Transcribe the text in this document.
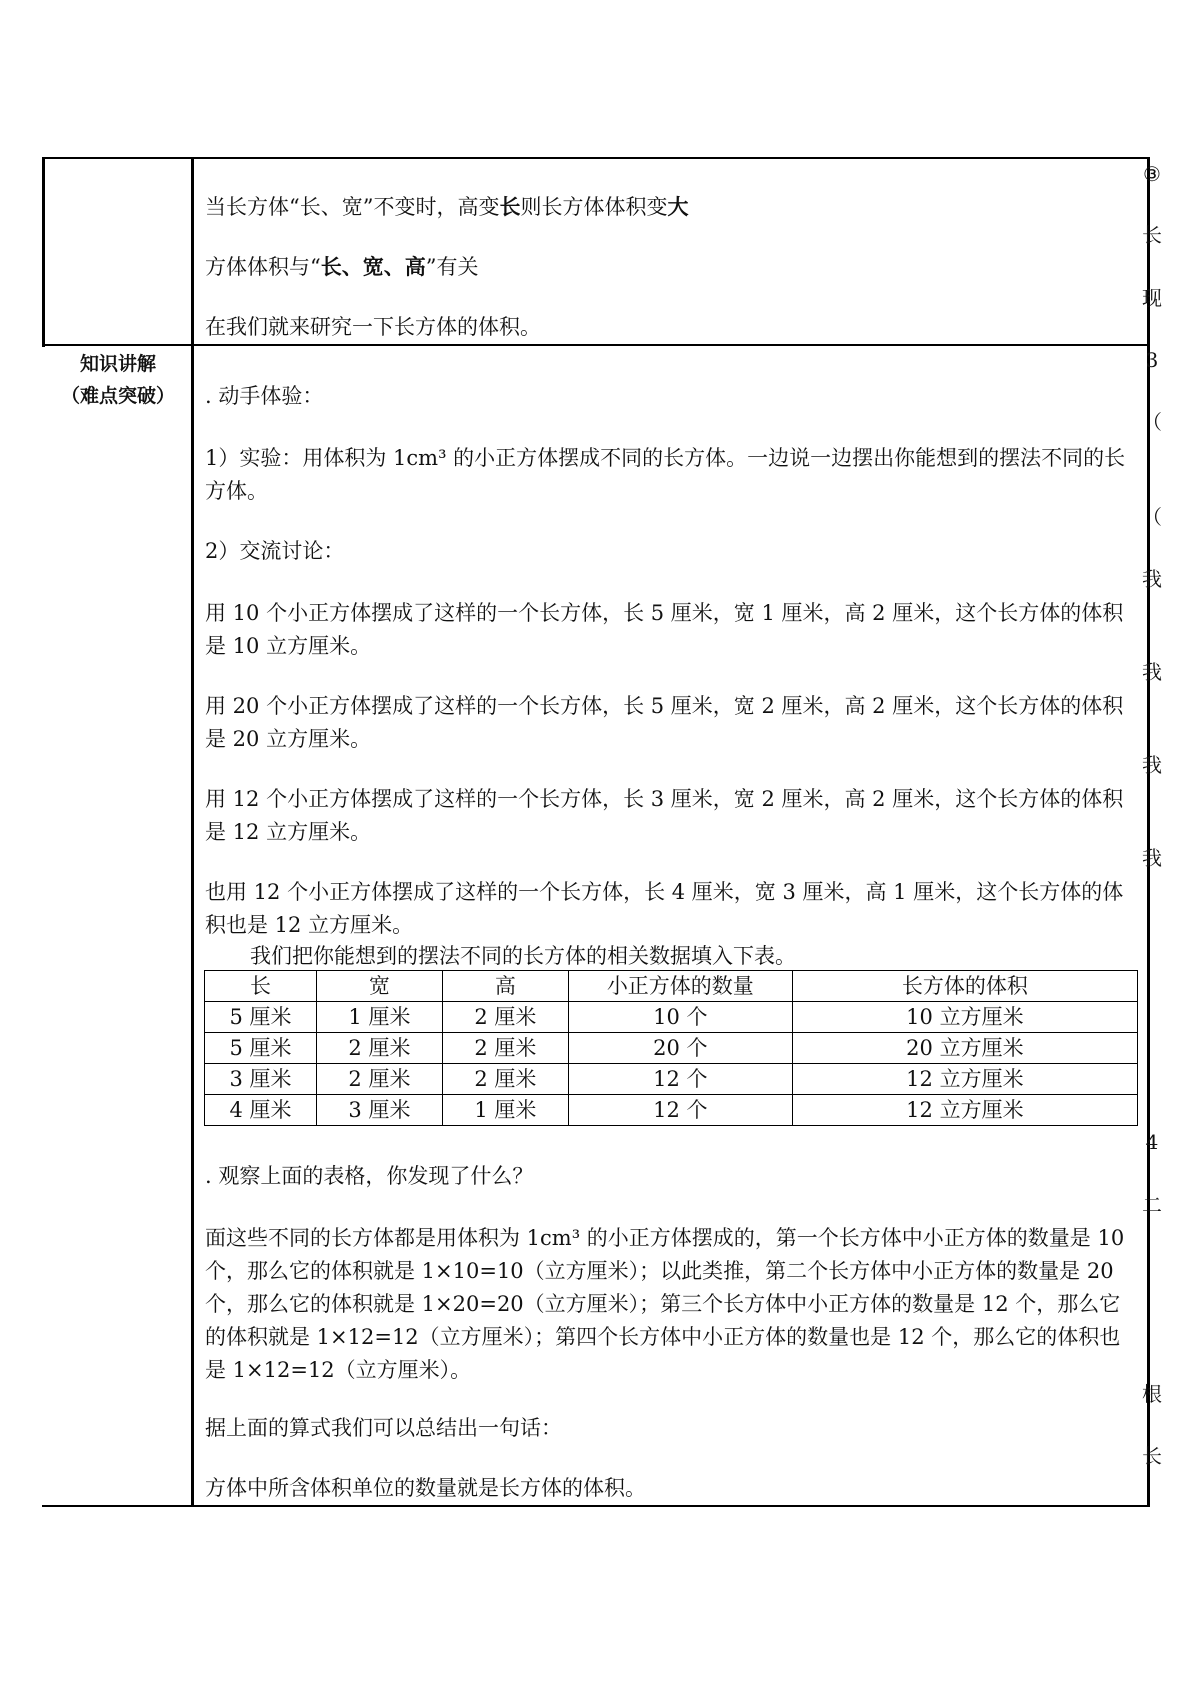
当长方体“长、宽”不变时，高变长则长方体体积变大

方体体积与“长、宽、高”有关

在我们就来研究一下长方体的体积。

知识讲解
（难点突破）	. 动手体验：

1）实验：用体积为 1cm³ 的小正方体摆成不同的长方体。一边说一边摆出你能想到的摆法不同的长方体。

2）交流讨论：

用 10 个小正方体摆成了这样的一个长方体，长 5 厘米，宽 1 厘米，高 2 厘米，这个长方体的体积是 10 立方厘米。

用 20 个小正方体摆成了这样的一个长方体，长 5 厘米，宽 2 厘米，高 2 厘米，这个长方体的体积是 20 立方厘米。

用 12 个小正方体摆成了这样的一个长方体，长 3 厘米，宽 2 厘米，高 2 厘米，这个长方体的体积是 12 立方厘米。

也用 12 个小正方体摆成了这样的一个长方体，长 4 厘米，宽 3 厘米，高 1 厘米，这个长方体的体积也是 12 立方厘米。

我们把你能想到的摆法不同的长方体的相关数据填入下表。

长	宽	高	小正方体的数量	长方体的体积
5 厘米	1 厘米	2 厘米	10 个	10 立方厘米
5 厘米	2 厘米	2 厘米	20 个	20 立方厘米
3 厘米	2 厘米	2 厘米	12 个	12 立方厘米
4 厘米	3 厘米	1 厘米	12 个	12 立方厘米

. 观察上面的表格，你发现了什么？

面这些不同的长方体都是用体积为 1cm³ 的小正方体摆成的，第一个长方体中小正方体的数量是 10 个，那么它的体积就是 1×10=10（立方厘米）；以此类推，第二个长方体中小正方体的数量是 20 个，那么它的体积就是 1×20=20（立方厘米）；第三个长方体中小正方体的数量是 12 个，那么它的体积就是 1×12=12（立方厘米）；第四个长方体中小正方体的数量也是 12 个，那么它的体积也是 1×12=12（立方厘米）。

据上面的算式我们可以总结出一句话：

方体中所含体积单位的数量就是长方体的体积。

③
长
现
3
（
（
我
我
我
我
4
二
根
长
